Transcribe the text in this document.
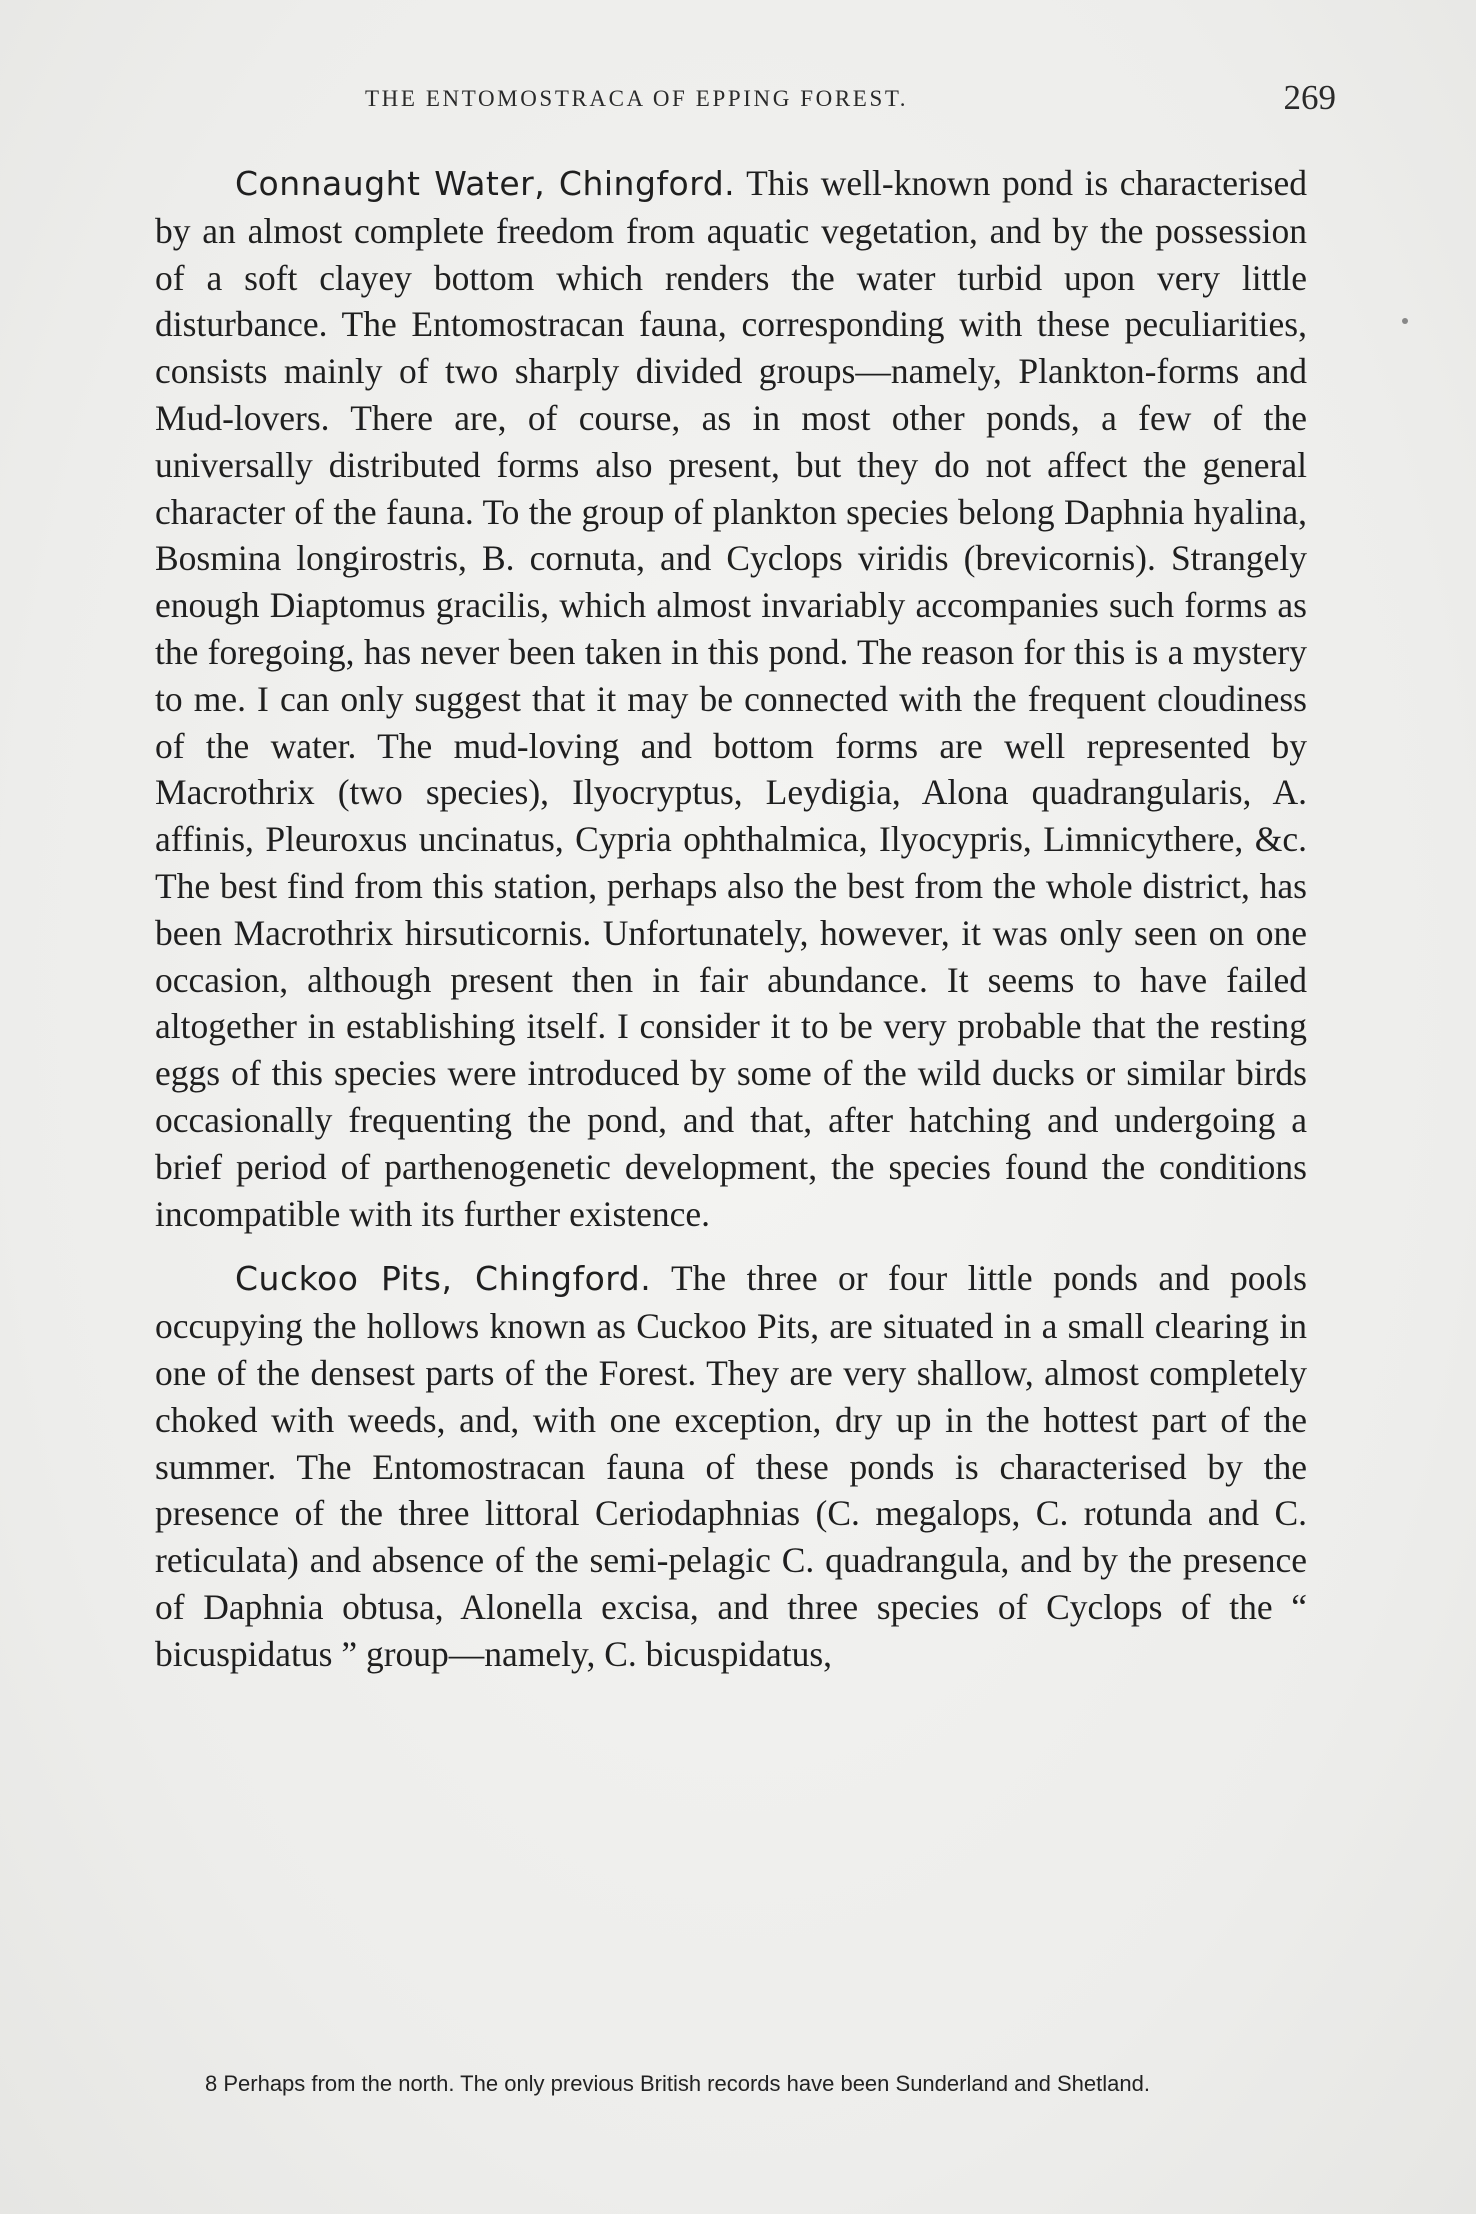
THE ENTOMOSTRACA OF EPPING FOREST.	269

Connaught Water, Chingford. This well-known pond is characterised by an almost complete freedom from aquatic vegetation, and by the possession of a soft clayey bottom which renders the water turbid upon very little disturbance. The Entomostracan fauna, corresponding with these peculiarities, consists mainly of two sharply divided groups—namely, Plankton-forms and Mud-lovers. There are, of course, as in most other ponds, a few of the universally distributed forms also present, but they do not affect the general character of the fauna. To the group of plankton species belong Daphnia hyalina, Bosmina longirostris, B. cornuta, and Cyclops viridis (brevicornis). Strangely enough Diaptomus gracilis, which almost invariably accompanies such forms as the foregoing, has never been taken in this pond. The reason for this is a mystery to me. I can only suggest that it may be connected with the frequent cloudiness of the water. The mud-loving and bottom forms are well represented by Macrothrix (two species), Ilyocryptus, Leydigia, Alona quadrangularis, A. affinis, Pleuroxus uncinatus, Cypria ophthalmica, Ilyocypris, Limnicythere, &c. The best find from this station, perhaps also the best from the whole district, has been Macrothrix hirsuticornis. Unfortunately, however, it was only seen on one occasion, although present then in fair abundance. It seems to have failed altogether in establishing itself. I consider it to be very probable that the resting eggs of this species were introduced by some of the wild ducks or similar birds occasionally frequenting the pond, and that, after hatching and undergoing a brief period of parthenogenetic development, the species found the conditions incompatible with its further existence.

Cuckoo Pits, Chingford. The three or four little ponds and pools occupying the hollows known as Cuckoo Pits, are situated in a small clearing in one of the densest parts of the Forest. They are very shallow, almost completely choked with weeds, and, with one exception, dry up in the hottest part of the summer. The Entomostracan fauna of these ponds is characterised by the presence of the three littoral Ceriodaphnias (C. megalops, C. rotunda and C. reticulata) and absence of the semi-pelagic C. quadrangula, and by the presence of Daphnia obtusa, Alonella excisa, and three species of Cyclops of the “ bicuspidatus ” group—namely, C. bicuspidatus,

8 Perhaps from the north. The only previous British records have been Sunderland and Shetland.
